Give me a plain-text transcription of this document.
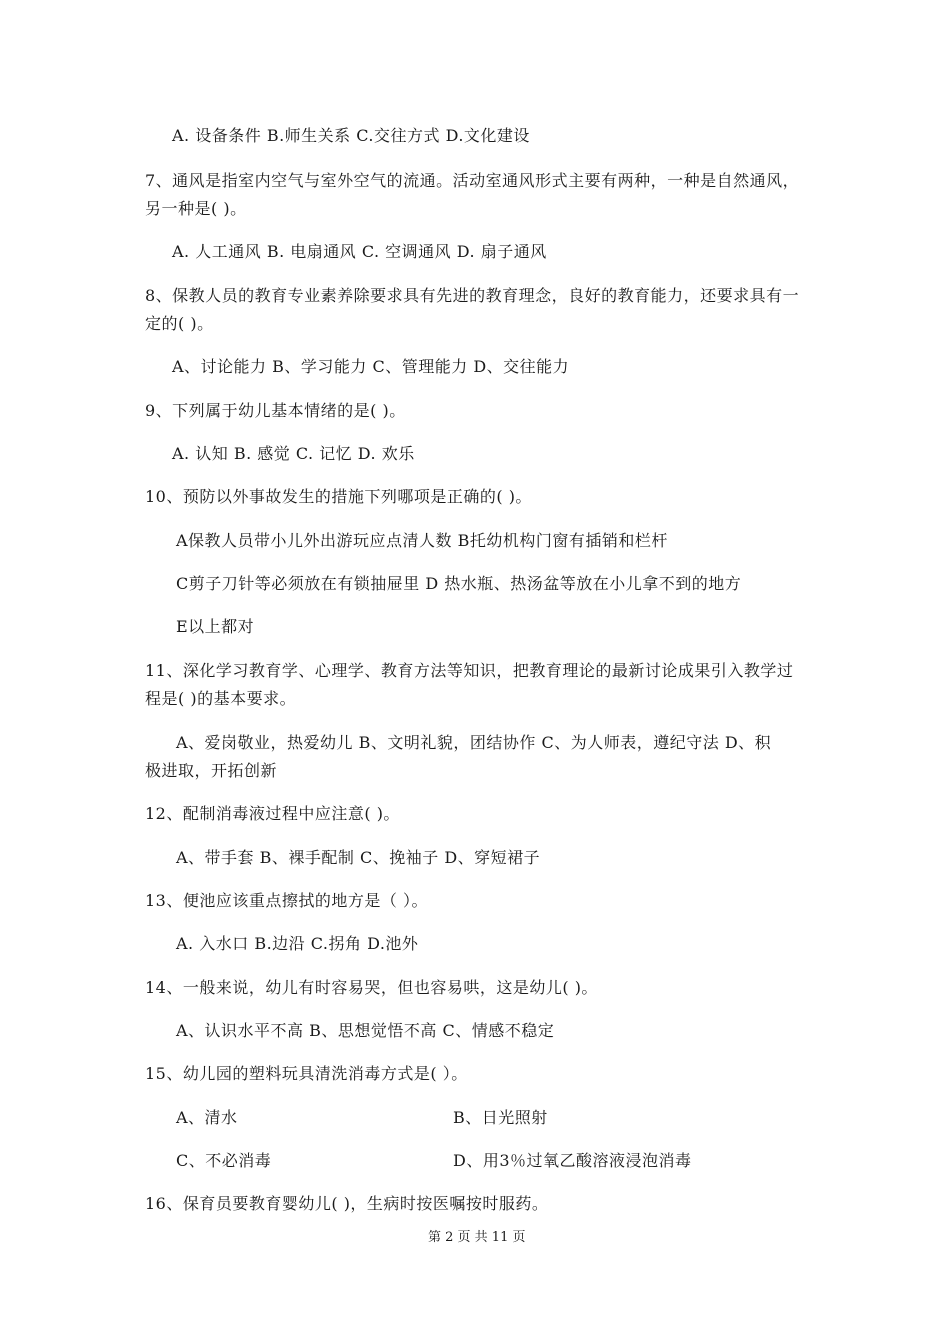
A. 设备条件 B.师生关系 C.交往方式 D.文化建设
7、通风是指室内空气与室外空气的流通。活动室通风形式主要有两种，一种是自然通风，
另一种是( )。
A. 人工通风 B. 电扇通风 C. 空调通风 D. 扇子通风
8、保教人员的教育专业素养除要求具有先进的教育理念，良好的教育能力，还要求具有一
定的( )。
A、讨论能力 B、学习能力 C、管理能力 D、交往能力
9、下列属于幼儿基本情绪的是( )。
A. 认知 B. 感觉 C. 记忆 D. 欢乐
10、预防以外事故发生的措施下列哪项是正确的( )。
A保教人员带小儿外出游玩应点清人数 B托幼机构门窗有插销和栏杆
C剪子刀针等必须放在有锁抽屉里 D 热水瓶、热汤盆等放在小儿拿不到的地方
E以上都对
11、深化学习教育学、心理学、教育方法等知识，把教育理论的最新讨论成果引入教学过
程是( )的基本要求。
A、爱岗敬业，热爱幼儿 B、文明礼貌，团结协作 C、为人师表，遵纪守法 D、积
极进取，开拓创新
12、配制消毒液过程中应注意( )。
A、带手套 B、裸手配制 C、挽袖子 D、穿短裙子
13、便池应该重点擦拭的地方是（ ）。
A. 入水口 B.边沿 C.拐角 D.池外
14、一般来说，幼儿有时容易哭，但也容易哄，这是幼儿( )。
A、认识水平不高 B、思想觉悟不高 C、情感不稳定
15、幼儿园的塑料玩具清洗消毒方式是( ）。
A、清水	B、日光照射
C、不必消毒	D、用3％过氧乙酸溶液浸泡消毒
16、保育员要教育婴幼儿( )，生病时按医嘱按时服药。
第 2 页 共 11 页
